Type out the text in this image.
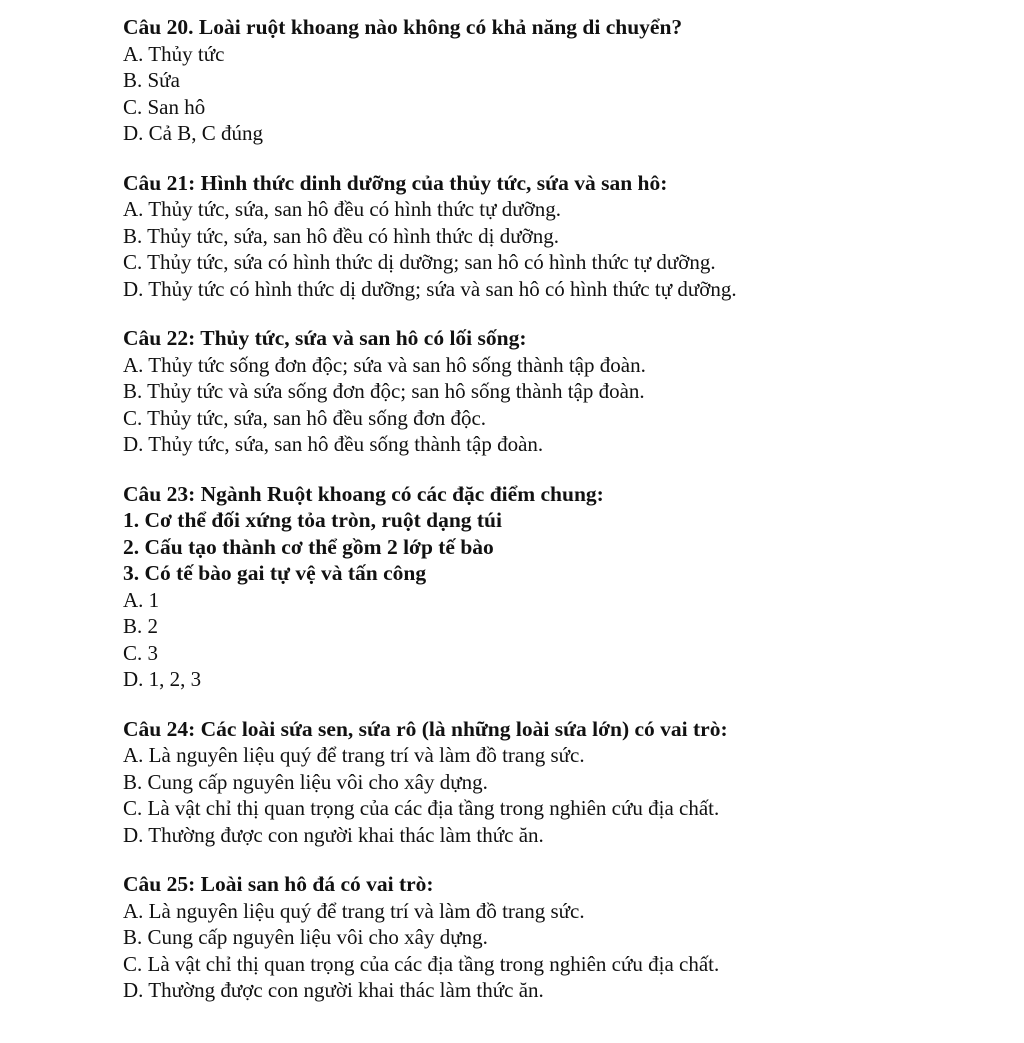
Câu 20. Loài ruột khoang nào không có khả năng di chuyển?
A. Thủy tức
B. Sứa
C. San hô
D. Cả B, C đúng
Câu 21: Hình thức dinh dưỡng của thủy tức, sứa và san hô:
A. Thủy tức, sứa, san hô đều có hình thức tự dưỡng.
B. Thủy tức, sứa, san hô đều có hình thức dị dưỡng.
C. Thủy tức, sứa có hình thức dị dưỡng; san hô có hình thức tự dưỡng.
D. Thủy tức có hình thức dị dưỡng; sứa và san hô có hình thức tự dưỡng.
Câu 22: Thủy tức, sứa và san hô có lối sống:
A. Thủy tức sống đơn độc; sứa và san hô sống thành tập đoàn.
B. Thủy tức và sứa sống đơn độc; san hô sống thành tập đoàn.
C. Thủy tức, sứa, san hô đều sống đơn độc.
D. Thủy tức, sứa, san hô đều sống thành tập đoàn.
Câu 23: Ngành Ruột khoang có các đặc điểm chung:
1. Cơ thể đối xứng tỏa tròn, ruột dạng túi
2. Cấu tạo thành cơ thể gồm 2 lớp tế bào
3. Có tế bào gai tự vệ và tấn công
A. 1
B. 2
C. 3
D. 1, 2, 3
Câu 24: Các loài sứa sen, sứa rô (là những loài sứa lớn) có vai trò:
A. Là nguyên liệu quý để trang trí và làm đồ trang sức.
B. Cung cấp nguyên liệu vôi cho xây dựng.
C. Là vật chỉ thị quan trọng của các địa tầng trong nghiên cứu địa chất.
D. Thường được con người khai thác làm thức ăn.
Câu 25: Loài san hô đá có vai trò:
A. Là nguyên liệu quý để trang trí và làm đồ trang sức.
B. Cung cấp nguyên liệu vôi cho xây dựng.
C. Là vật chỉ thị quan trọng của các địa tầng trong nghiên cứu địa chất.
D. Thường được con người khai thác làm thức ăn.
